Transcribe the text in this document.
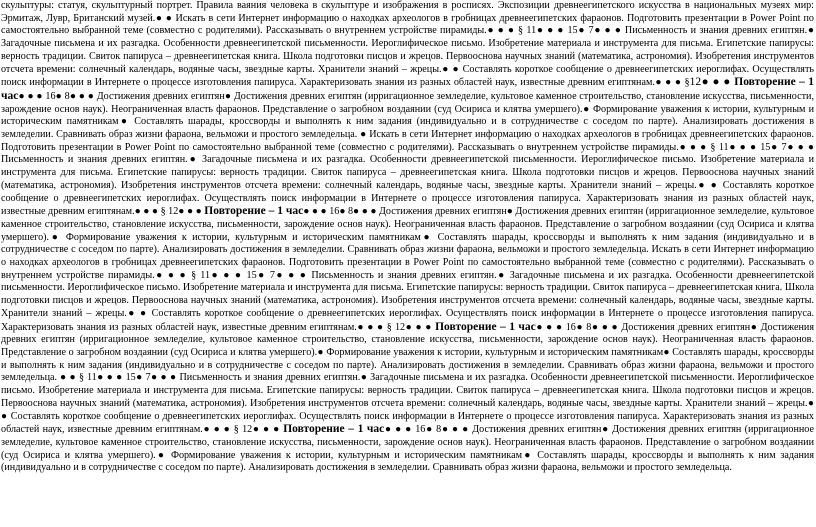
скульптуры: статуя, скульптурный портрет. Правила ваяния человека в скульптуре и изображения в росписях. Экспозиции древнеегипетского искусства в национальных музеях мир: Эрмитаж, Лувр, Британский музей.● ● Искать в сети Интернет информацию о находках археологов в гробницах древнеегипетских фараонов. Подготовить презентации в Power Point по самостоятельно выбранной теме (совместно с родителями). Рассказывать о внутреннем устройстве пирамиды.● ● ● § 11● ● ● 15● 7● ● ● Письменность и знания древних египтян.● Загадочные письмена и их разгадка. Особенности древнеегипетской письменности. Иероглифическое письмо. Изобретение материала и инструмента для письма. Египетские папирусы: верность традиции. Свиток папируса – древнеегипетская книга. Школа подготовки писцов и жрецов. Первооснова научных знаний (математика, астрономия). Изобретения инструментов отсчета времени: солнечный календарь, водяные часы, звездные карты. Хранители знаний – жрецы.● ● Составлять короткое сообщение о древнеегипетских иероглифах. Осуществлять поиск информации в Интернете о процессе изготовления папируса. Характеризовать знания из разных областей наук, известные древним египтянам.● ● ● §12● ● ● Повторение – 1 час● ● ● 16● 8● ● ● Достижения древних египтян● Достижения древних египтян (ирригационное земледелие, культовое каменное строительство, становление искусства, письменности, зарождение основ наук). Неограниченная власть фараонов. Представление о загробном воздаянии (суд Осириса и клятва умершего).● Формирование уважения к истории, культурным и историческим памятникам● Составлять шарады, кроссворды и выполнять к ним задания (индивидуально и в сотрудничестве с соседом по парте). Анализировать достижения в земледелии. Сравнивать образ жизни фараона, вельможи и простого земледельца. ● Искать в сети Интернет информацию о находках археологов в гробницах древнеегипетских фараонов. Подготовить презентации в Power Point по самостоятельно выбранной теме (совместно с родителями). Рассказывать о внутреннем устройстве пирамиды.● ● ● § 11● ● ● 15● 7● ● ● Письменность и знания древних египтян.● Загадочные письмена и их разгадка. Особенности древнеегипетской письменности. Иероглифическое письмо. Изобретение материала и инструмента для письма. Египетские папирусы: верность традиции. Свиток папируса – древнеегипетская книга. Школа подготовки писцов и жрецов. Первооснова научных знаний (математика, астрономия). Изобретения инструментов отсчета времени: солнечный календарь, водяные часы, звездные карты. Хранители знаний – жрецы.● ● Составлять короткое сообщение о древнеегипетских иероглифах. Осуществлять поиск информации в Интернете о процессе изготовления папируса. Характеризовать знания из разных областей наук, известные древним египтянам.● ● ● § 12● ● ● Повторение – 1 час● ● ● 16● 8● ● ● Достижения древних египтян● Достижения древних египтян (ирригационное земледелие, культовое каменное строительство, становление искусства, письменности, зарождение основ наук). Неограниченная власть фараонов. Представление о загробном воздаянии (суд Осириса и клятва умершего).● Формирование уважения к истории, культурным и историческим памятникам● Составлять шарады, кроссворды и выполнять к ним задания (индивидуально и в сотрудничестве с соседом по парте). Анализировать достижения в земледелии. Сравнивать образ жизни фараона, вельможи и простого земледельца. Искать в сети Интернет информацию о находках археологов в гробницах древнеегипетских фараонов. Подготовить презентации в Power Point по самостоятельно выбранной теме (совместно с родителями). Рассказывать о внутреннем устройстве пирамиды.● ● ● § 11● ● ● 15● 7● ● ● Письменность и знания древних египтян.● Загадочные письмена и их разгадка. Особенности древнеегипетской письменности. Иероглифическое письмо. Изобретение материала и инструмента для письма. Египетские папирусы: верность традиции. Свиток папируса – древнеегипетская книга. Школа подготовки писцов и жрецов. Первооснова научных знаний (математика, астрономия). Изобретения инструментов отсчета времени: солнечный календарь, водяные часы, звездные карты. Хранители знаний – жрецы.● ● Составлять короткое сообщение о древнеегипетских иероглифах. Осуществлять поиск информации в Интернете о процессе изготовления папируса. Характеризовать знания из разных областей наук, известные древним египтянам.● ● ● § 12● ● ● Повторение – 1 час● ● ● 16● 8● ● ● Достижения древних египтян● Достижения древних египтян (ирригационное земледелие, культовое каменное строительство, становление искусства, письменности, зарождение основ наук). Неограниченная власть фараонов. Представление о загробном воздаянии (суд Осириса и клятва умершего).● Формирование уважения к истории, культурным и историческим памятникам● Составлять шарады, кроссворды и выполнять к ним задания (индивидуально и в сотрудничестве с соседом по парте). Анализировать достижения в земледелии. Сравнивать образ жизни фараона, вельможи и простого земледельца. ● ● § 11● ● ● 15● 7● ● ● Письменность и знания древних египтян.● Загадочные письмена и их разгадка. Особенности древнеегипетской письменности. Иероглифическое письмо. Изобретение материала и инструмента для письма. Египетские папирусы: верность традиции. Свиток папируса – древнеегипетская книга. Школа подготовки писцов и жрецов. Первооснова научных знаний (математика, астрономия). Изобретения инструментов отсчета времени: солнечный календарь, водяные часы, звездные карты. Хранители знаний – жрецы.● ● Составлять короткое сообщение о древнеегипетских иероглифах. Осуществлять поиск информации в Интернете о процессе изготовления папируса. Характеризовать знания из разных областей наук, известные древним египтянам.● ● ● § 12● ● ● Повторение – 1 час● ● ● 16● 8● ● ● Достижения древних египтян● Достижения древних египтян (ирригационное земледелие, культовое каменное строительство, становление искусства, письменности, зарождение основ наук). Неограниченная власть фараонов. Представление о загробном воздаянии (суд Осириса и клятва умершего).● Формирование уважения к истории, культурным и историческим памятникам● Составлять шарады, кроссворды и выполнять к ним задания (индивидуально и в сотрудничестве с соседом по парте). Анализировать достижения в земледелии. Сравнивать образ жизни фараона, вельможи и простого земледельца.
